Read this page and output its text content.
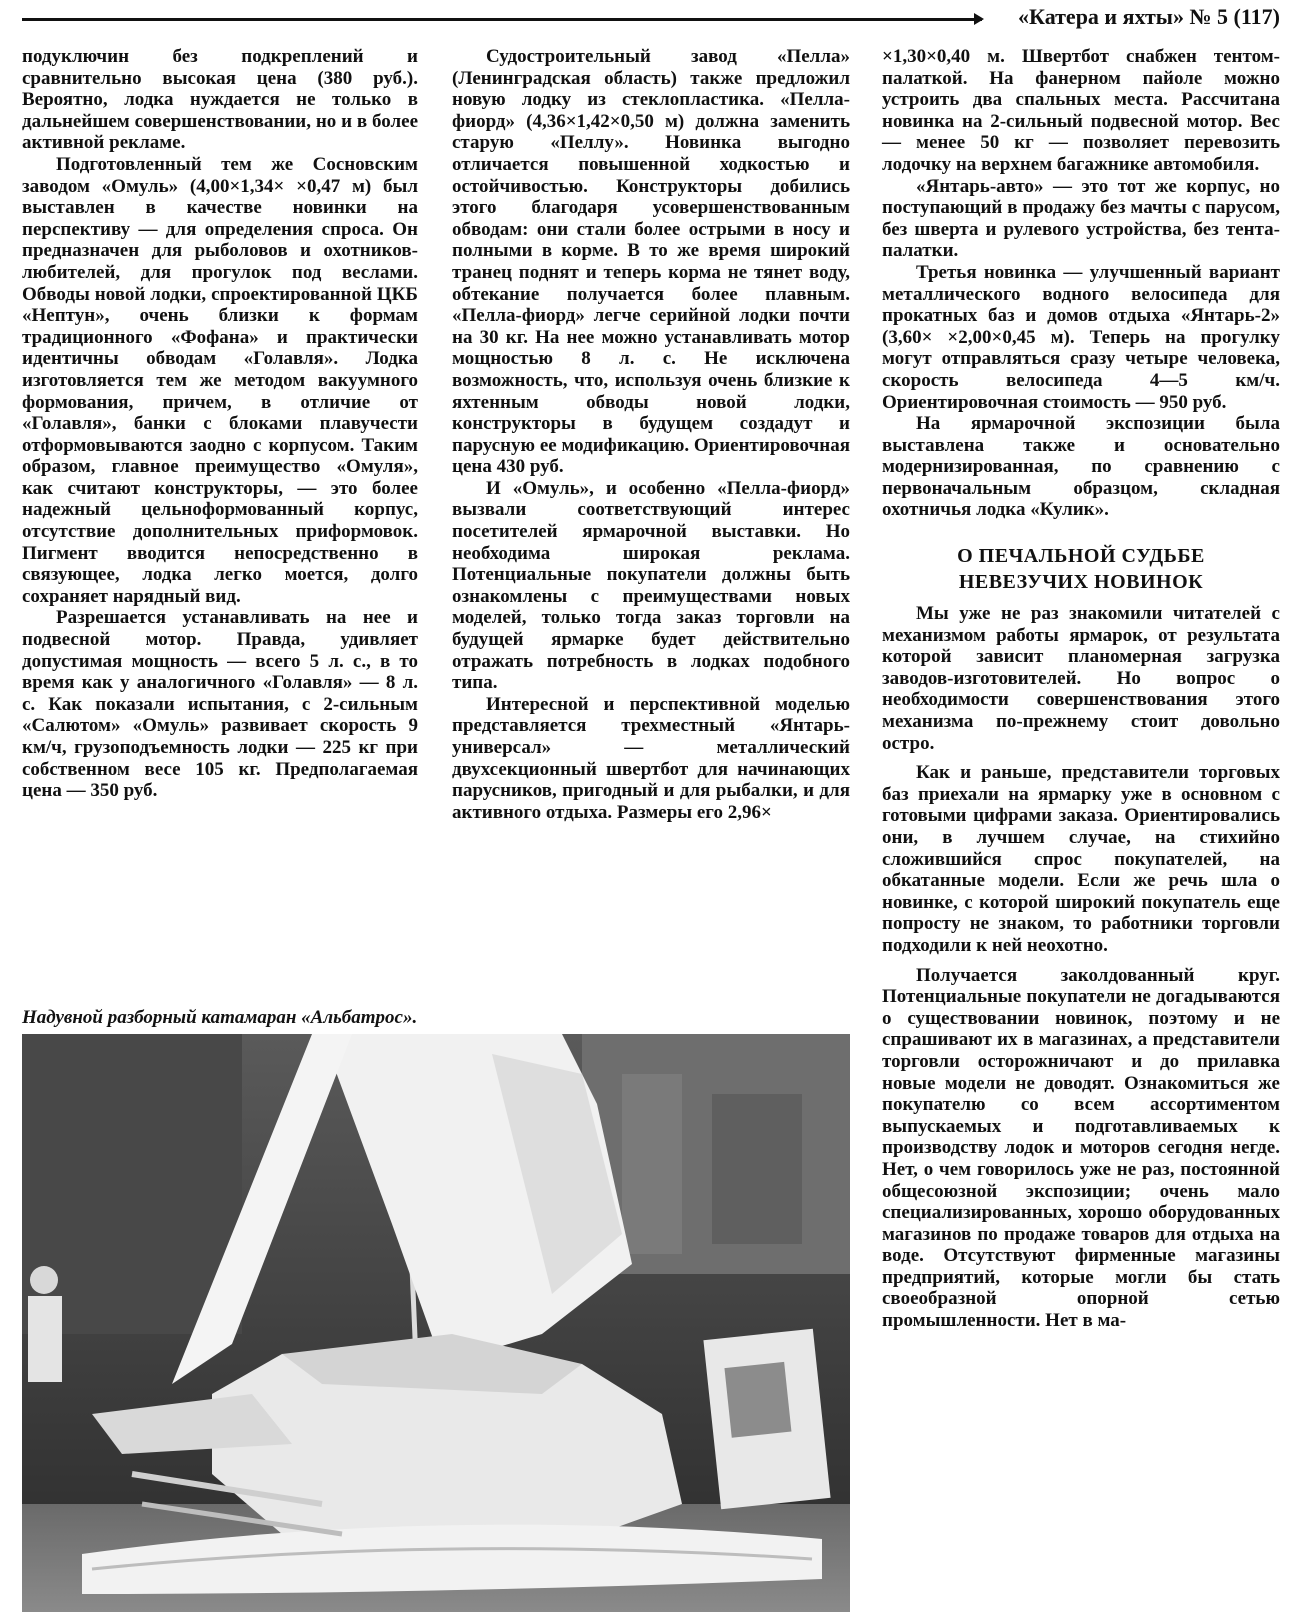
«Катера и яхты» № 5 (117)

подуключин без подкреплений и сравнительно высокая цена (380 руб.). Вероятно, лодка нуждается не только в дальнейшем совершенствовании, но и в более активной рекламе.

Подготовленный тем же Сосновским заводом «Омуль» (4,00×1,34× ×0,47 м) был выставлен в качестве новинки на перспективу — для определения спроса. Он предназначен для рыболовов и охотников-любителей, для прогулок под веслами. Обводы новой лодки, спроектированной ЦКБ «Нептун», очень близки к формам традиционного «Фофана» и практически идентичны обводам «Голавля». Лодка изготовляется тем же методом вакуумного формования, причем, в отличие от «Голавля», банки с блоками плавучести отформовываются заодно с корпусом. Таким образом, главное преимущество «Омуля», как считают конструкторы, — это более надежный цельноформованный корпус, отсутствие дополнительных приформовок. Пигмент вводится непосредственно в связующее, лодка легко моется, долго сохраняет нарядный вид.

Разрешается устанавливать на нее и подвесной мотор. Правда, удивляет допустимая мощность — всего 5 л. с., в то время как у аналогичного «Голавля» — 8 л. с. Как показали испытания, с 2-сильным «Салютом» «Омуль» развивает скорость 9 км/ч, грузоподъемность лодки — 225 кг при собственном весе 105 кг. Предполагаемая цена — 350 руб.

Судостроительный завод «Пелла» (Ленинградская область) также предложил новую лодку из стеклопластика. «Пелла-фиорд» (4,36×1,42×0,50 м) должна заменить старую «Пеллу». Новинка выгодно отличается повышенной ходкостью и остойчивостью. Конструкторы добились этого благодаря усовершенствованным обводам: они стали более острыми в носу и полными в корме. В то же время широкий транец поднят и теперь корма не тянет воду, обтекание получается более плавным. «Пелла-фиорд» легче серийной лодки почти на 30 кг. На нее можно устанавливать мотор мощностью 8 л. с. Не исключена возможность, что, используя очень близкие к яхтенным обводы новой лодки, конструкторы в будущем создадут и парусную ее модификацию. Ориентировочная цена 430 руб.

И «Омуль», и особенно «Пелла-фиорд» вызвали соответствующий интерес посетителей ярмарочной выставки. Но необходима широкая реклама. Потенциальные покупатели должны быть ознакомлены с преимуществами новых моделей, только тогда заказ торговли на будущей ярмарке будет действительно отражать потребность в лодках подобного типа.

Интересной и перспективной моделью представляется трехместный «Янтарь-универсал» — металлический двухсекционный швертбот для начинающих парусников, пригодный и для рыбалки, и для активного отдыха. Размеры его 2,96×

×1,30×0,40 м. Швертбот снабжен тентом-палаткой. На фанерном пайоле можно устроить два спальных места. Рассчитана новинка на 2-сильный подвесной мотор. Вес — менее 50 кг — позволяет перевозить лодочку на верхнем багажнике автомобиля.

«Янтарь-авто» — это тот же корпус, но поступающий в продажу без мачты с парусом, без шверта и рулевого устройства, без тента-палатки.

Третья новинка — улучшенный вариант металлического водного велосипеда для прокатных баз и домов отдыха «Янтарь-2» (3,60× ×2,00×0,45 м). Теперь на прогулку могут отправляться сразу четыре человека, скорость велосипеда 4—5 км/ч. Ориентировочная стоимость — 950 руб.

На ярмарочной экспозиции была выставлена также и основательно модернизированная, по сравнению с первоначальным образцом, складная охотничья лодка «Кулик».

О ПЕЧАЛЬНОЙ СУДЬБЕ
НЕВЕЗУЧИХ НОВИНОК

Мы уже не раз знакомили читателей с механизмом работы ярмарок, от результата которой зависит планомерная загрузка заводов-изготовителей. Но вопрос о необходимости совершенствования этого механизма по-прежнему стоит довольно остро.

Как и раньше, представители торговых баз приехали на ярмарку уже в основном с готовыми цифрами заказа. Ориентировались они, в лучшем случае, на стихийно сложившийся спрос покупателей, на обкатанные модели. Если же речь шла о новинке, с которой широкий покупатель еще попросту не знаком, то работники торговли подходили к ней неохотно.

Получается заколдованный круг. Потенциальные покупатели не догадываются о существовании новинок, поэтому и не спрашивают их в магазинах, а представители торговли осторожничают и до прилавка новые модели не доводят. Ознакомиться же покупателю со всем ассортиментом выпускаемых и подготавливаемых к производству лодок и моторов сегодня негде. Нет, о чем говорилось уже не раз, постоянной общесоюзной экспозиции; очень мало специализированных, хорошо оборудованных магазинов по продаже товаров для отдыха на воде. Отсутствуют фирменные магазины предприятий, которые могли бы стать своеобразной опорной сетью промышленности. Нет в ма-

Надувной разборный катамаран «Альбатрос».
